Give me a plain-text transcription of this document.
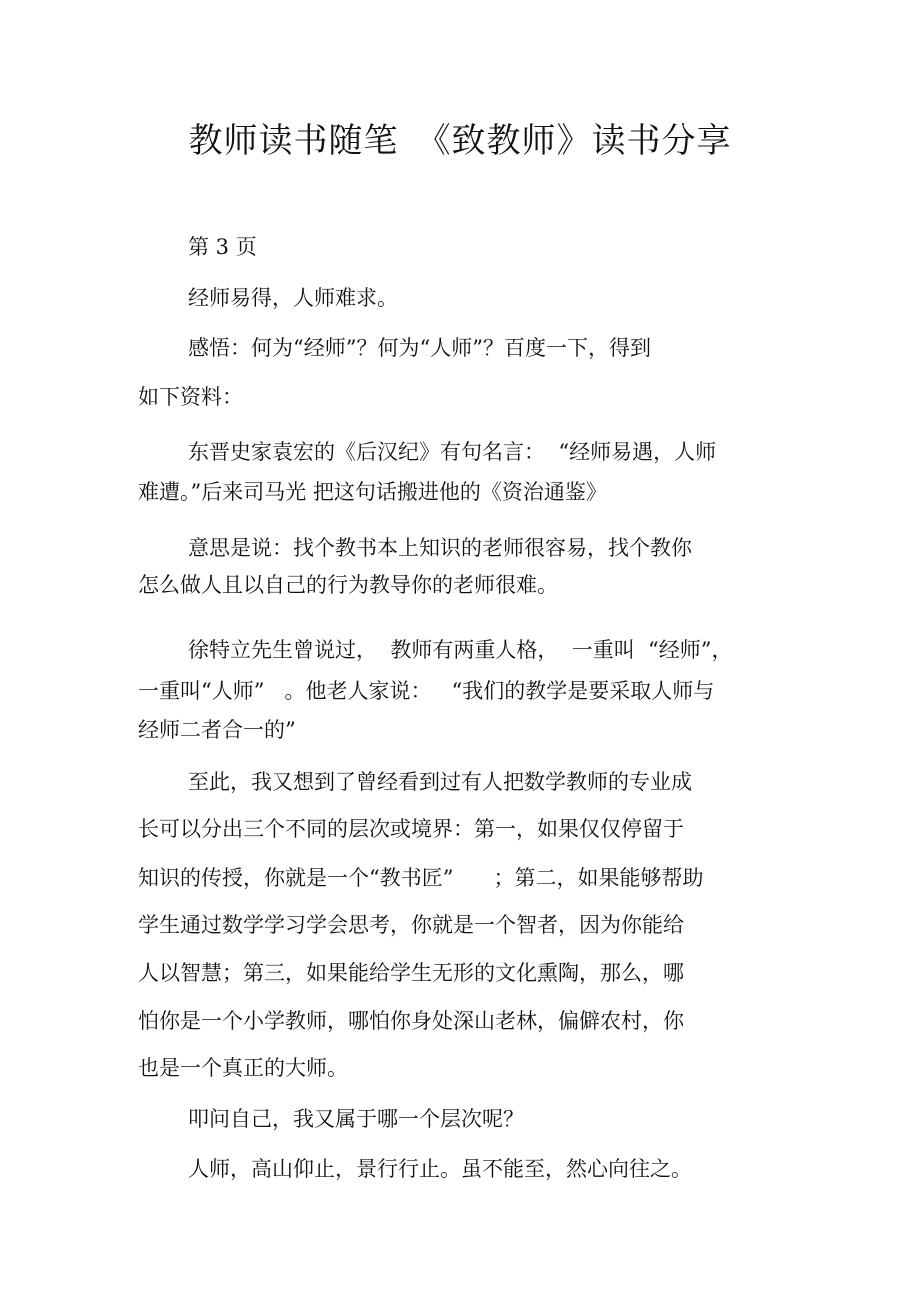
教师读书随笔　《致教师》读书分享
第 3 页
经师易得，人师难求。
感悟：何为“经师”？何为“人师”？百度一下，得到
如下资料：
东晋史家袁宏的《后汉纪》有句名言：  “经师易遇，人师
难遭。”后来司马光 把这句话搬进他的《资治通鉴》
意思是说：找个教书本上知识的老师很容易，找个教你
怎么做人且以自己的行为教导你的老师很难。
徐特立先生曾说过，  教师有两重人格，  一重叫  “经师”，
一重叫“人师”   。他老人家说：   “我们的教学是要采取人师与
经师二者合一的”
至此，我又想到了曾经看到过有人把数学教师的专业成
长可以分出三个不同的层次或境界：第一，如果仅仅停留于
知识的传授，你就是一个“教书匠”      ；第二，如果能够帮助
学生通过数学学习学会思考，你就是一个智者，因为你能给
人以智慧；第三，如果能给学生无形的文化熏陶，那么，哪
怕你是一个小学教师，哪怕你身处深山老林，偏僻农村，你
也是一个真正的大师。
叩问自己，我又属于哪一个层次呢？
人师，高山仰止，景行行止。虽不能至，然心向往之。
